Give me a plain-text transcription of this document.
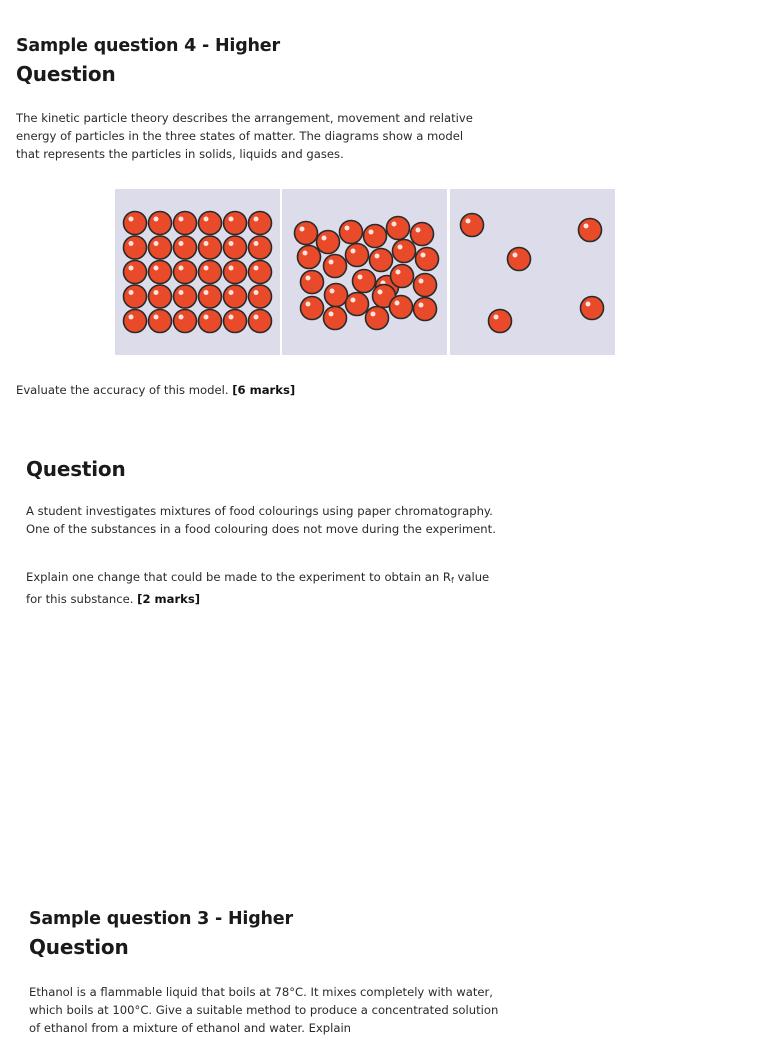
Sample question 4 - Higher
Question

The kinetic particle theory describes the arrangement, movement and relative energy of particles in the three states of matter. The diagrams show a model that represents the particles in solids, liquids and gases.

Evaluate the accuracy of this model. [6 marks]

Question

A student investigates mixtures of food colourings using paper chromatography. One of the substances in a food colouring does not move during the experiment.

Explain one change that could be made to the experiment to obtain an $R_f$ value for this substance. [2 marks]

Sample question 3 - Higher
Question

Ethanol is a flammable liquid that boils at 78°C. It mixes completely with water, which boils at 100°C. Give a suitable method to produce a concentrated solution of ethanol from a mixture of ethanol and water. Explain
